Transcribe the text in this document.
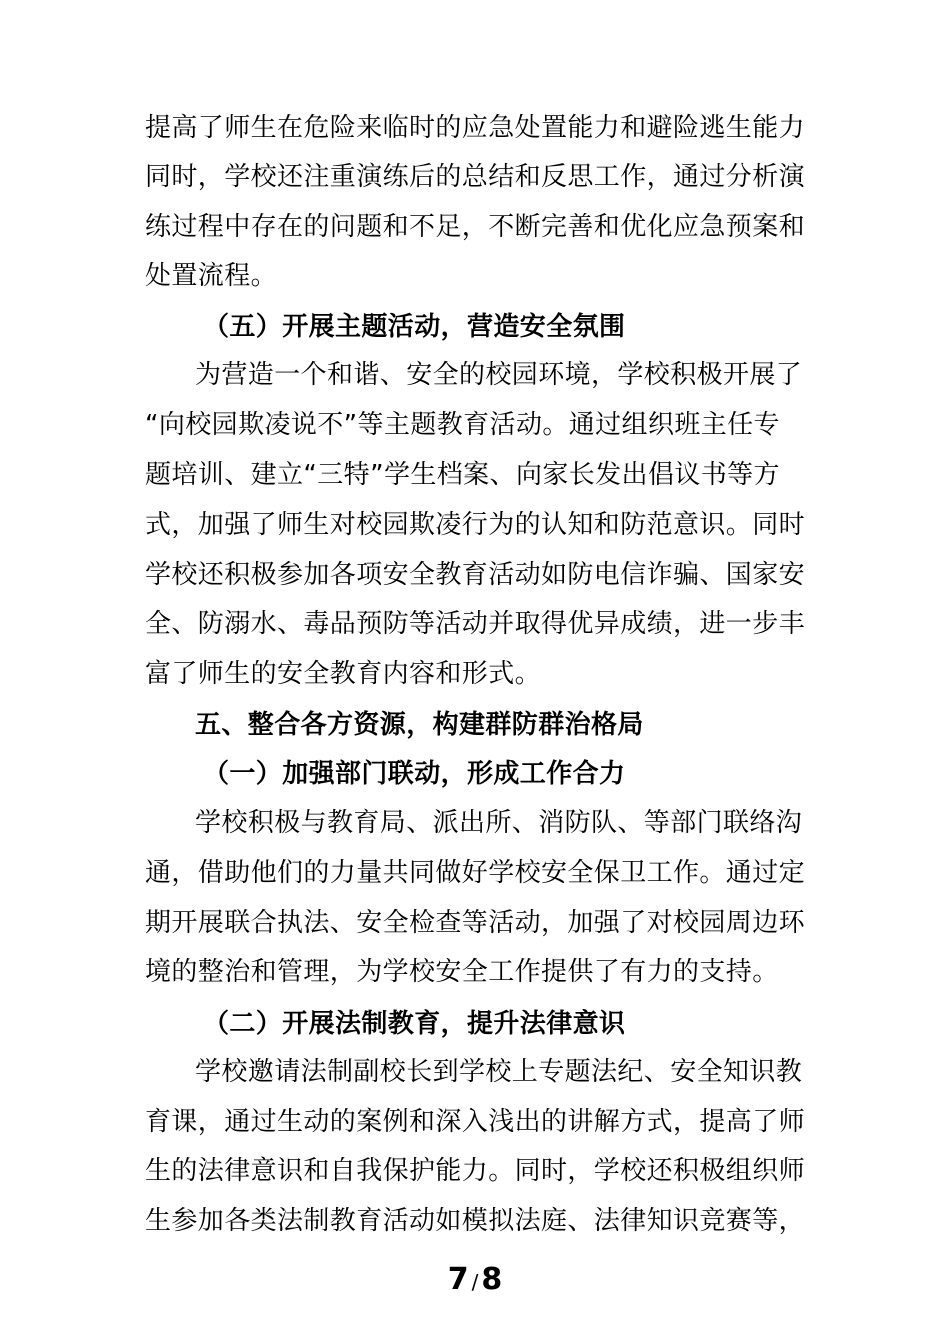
提高了师生在危险来临时的应急处置能力和避险逃生能力
同时，学校还注重演练后的总结和反思工作，通过分析演
练过程中存在的问题和不足，不断完善和优化应急预案和
处置流程。
（五）开展主题活动，营造安全氛围
为营造一个和谐、安全的校园环境，学校积极开展了
“向校园欺凌说不”等主题教育活动。通过组织班主任专
题培训、建立“三特”学生档案、向家长发出倡议书等方
式，加强了师生对校园欺凌行为的认知和防范意识。同时
学校还积极参加各项安全教育活动如防电信诈骗、国家安
全、防溺水、毒品预防等活动并取得优异成绩，进一步丰
富了师生的安全教育内容和形式。
五、整合各方资源，构建群防群治格局
（一）加强部门联动，形成工作合力
学校积极与教育局、派出所、消防队、等部门联络沟
通，借助他们的力量共同做好学校安全保卫工作。通过定
期开展联合执法、安全检查等活动，加强了对校园周边环
境的整治和管理，为学校安全工作提供了有力的支持。
（二）开展法制教育，提升法律意识
学校邀请法制副校长到学校上专题法纪、安全知识教
育课，通过生动的案例和深入浅出的讲解方式，提高了师
生的法律意识和自我保护能力。同时，学校还积极组织师
生参加各类法制教育活动如模拟法庭、法律知识竞赛等，
7 / 8
